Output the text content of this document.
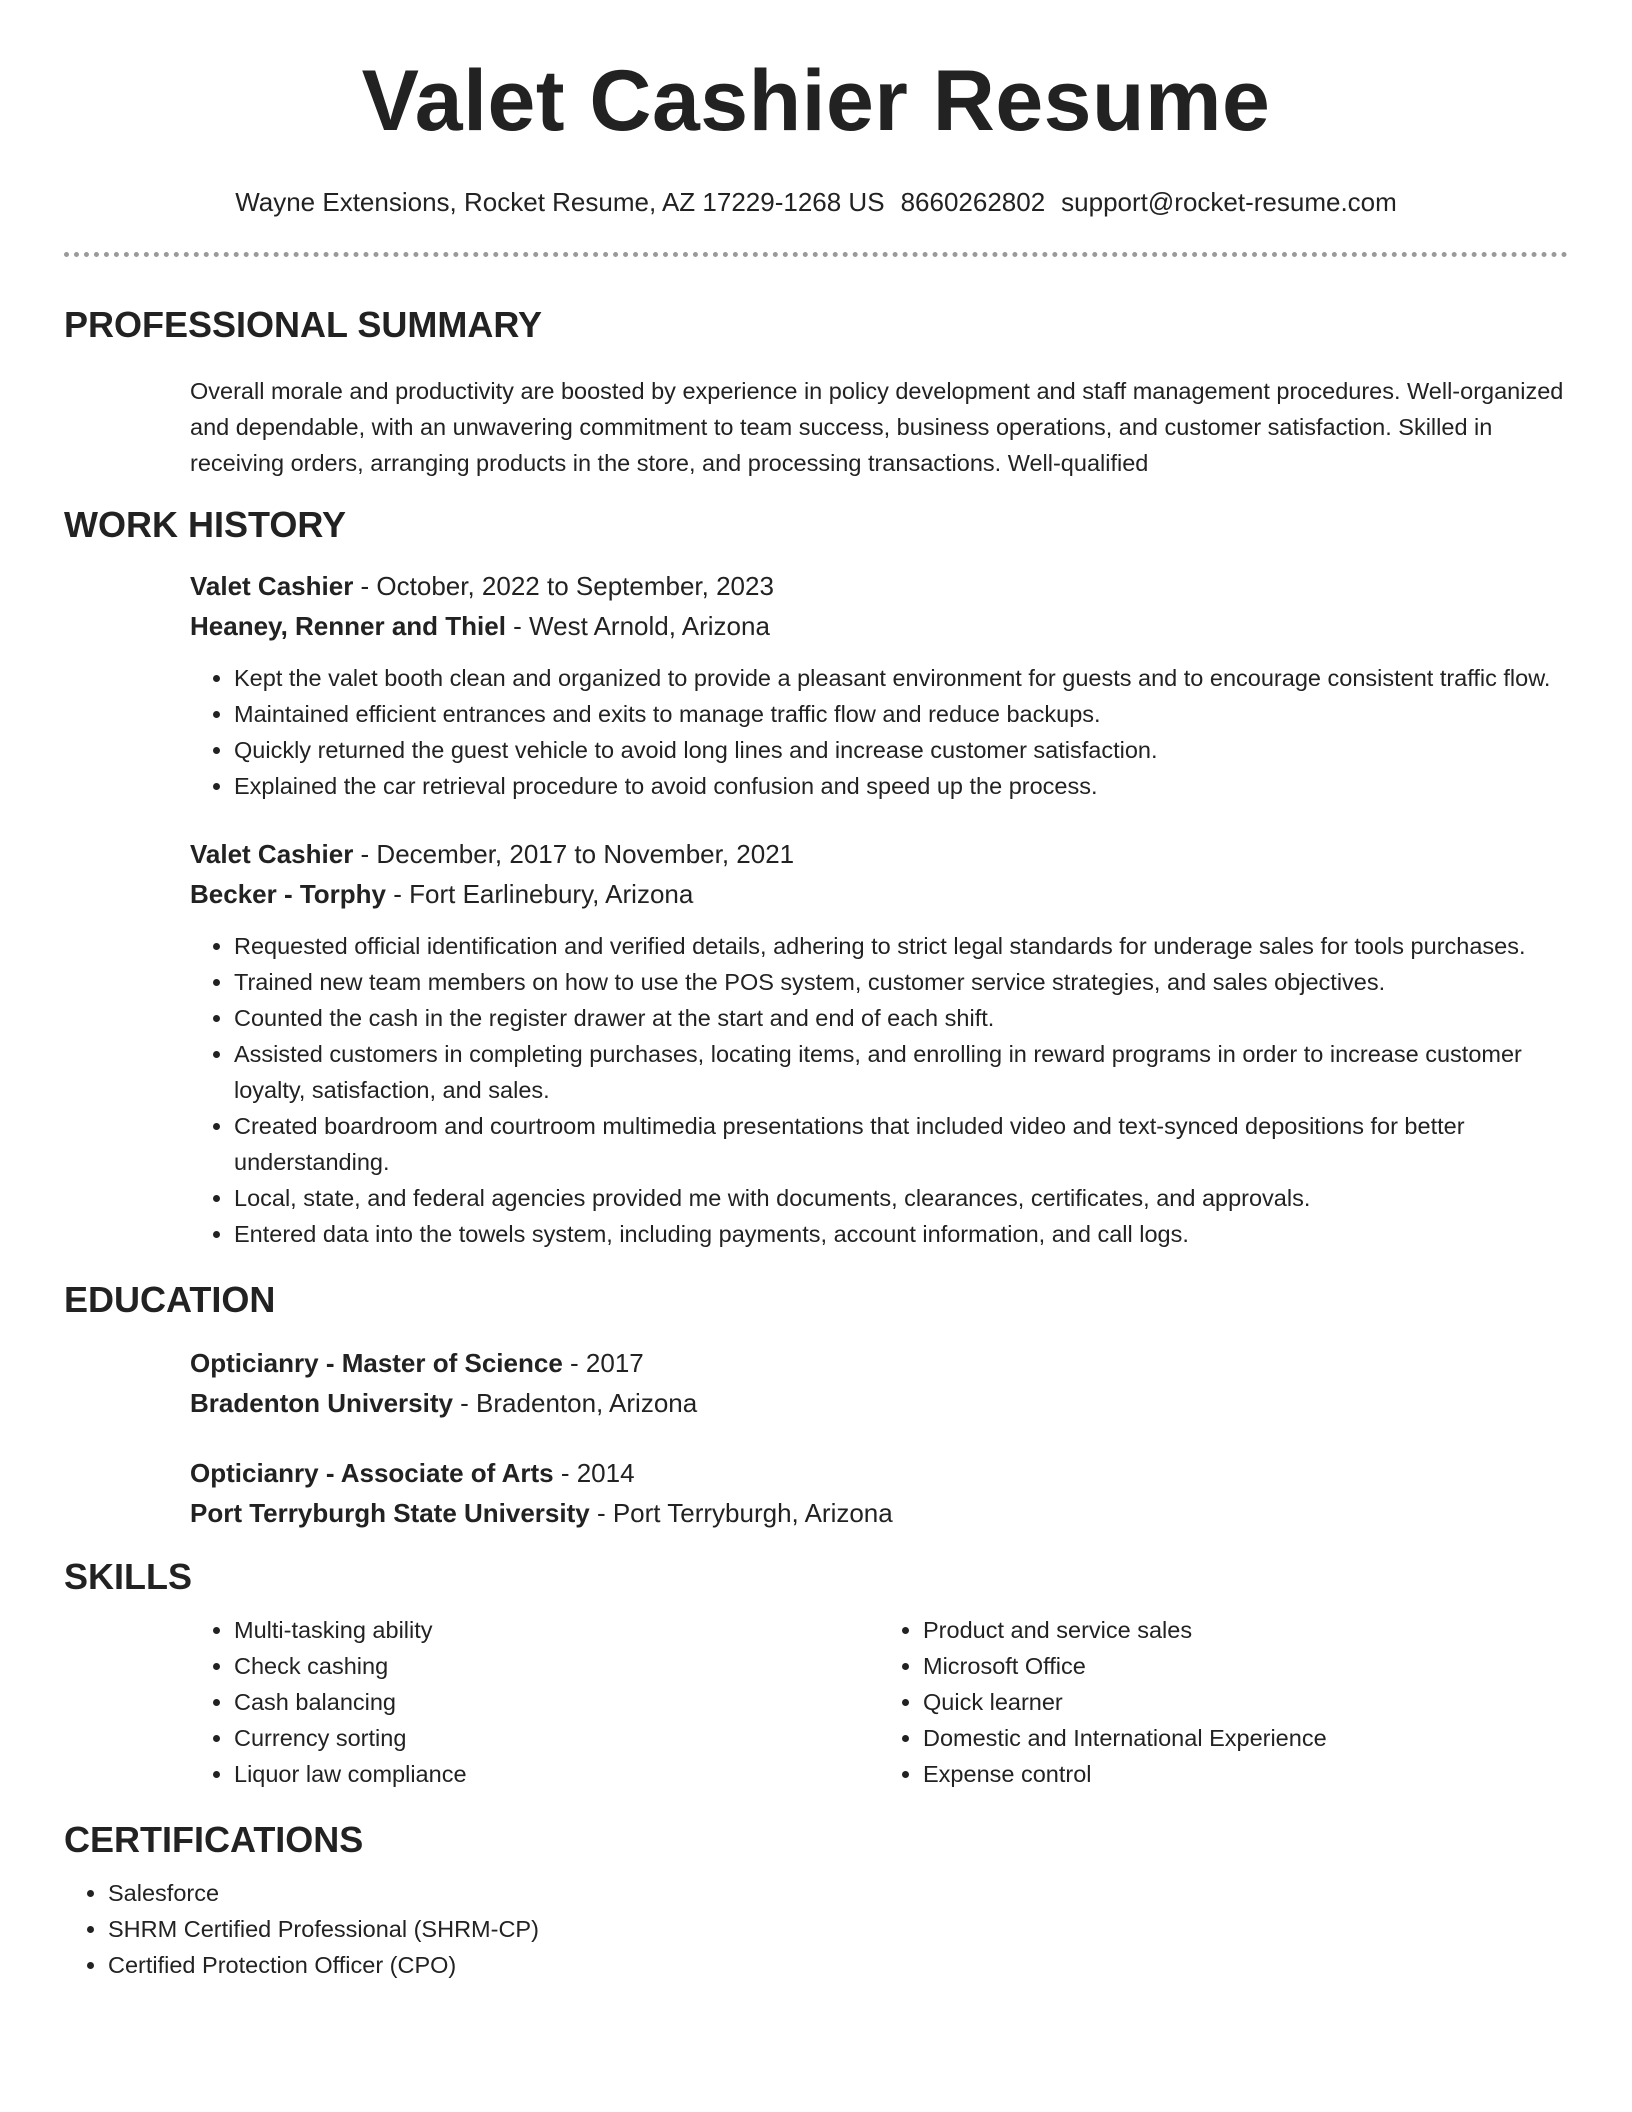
Valet Cashier Resume
Wayne Extensions, Rocket Resume, AZ 17229-1268 US 8660262802 support@rocket-resume.com
PROFESSIONAL SUMMARY

Overall morale and productivity are boosted by experience in policy development and staff management procedures. Well-organized and dependable, with an unwavering commitment to team success, business operations, and customer satisfaction. Skilled in receiving orders, arranging products in the store, and processing transactions. Well-qualified

WORK HISTORY

Valet Cashier - October, 2022 to September, 2023

Heaney, Renner and Thiel - West Arnold, Arizona

• Kept the valet booth clean and organized to provide a pleasant environment for guests and to encourage consistent traffic flow.
• Maintained efficient entrances and exits to manage traffic flow and reduce backups.
• Quickly returned the guest vehicle to avoid long lines and increase customer satisfaction.
• Explained the car retrieval procedure to avoid confusion and speed up the process.

Valet Cashier - December, 2017 to November, 2021

Becker - Torphy - Fort Earlinebury, Arizona

• Requested official identification and verified details, adhering to strict legal standards for underage sales for tools purchases.
• Trained new team members on how to use the POS system, customer service strategies, and sales objectives.
• Counted the cash in the register drawer at the start and end of each shift.
• Assisted customers in completing purchases, locating items, and enrolling in reward programs in order to increase customer loyalty, satisfaction, and sales.
• Created boardroom and courtroom multimedia presentations that included video and text-synced depositions for better understanding.
• Local, state, and federal agencies provided me with documents, clearances, certificates, and approvals.
• Entered data into the towels system, including payments, account information, and call logs.
EDUCATION

Opticianry - Master of Science - 2017

Bradenton University - Bradenton, Arizona

Opticianry - Associate of Arts - 2014

Port Terryburgh State University - Port Terryburgh, Arizona

SKILLS
• Multi-tasking ability
• Check cashing
• Cash balancing
• Currency sorting
• Liquor law compliance
• Product and service sales
• Microsoft Office
• Quick learner
• Domestic and International Experience
• Expense control
CERTIFICATIONS
• Salesforce
• SHRM Certified Professional (SHRM-CP)
• Certified Protection Officer (CPO)
